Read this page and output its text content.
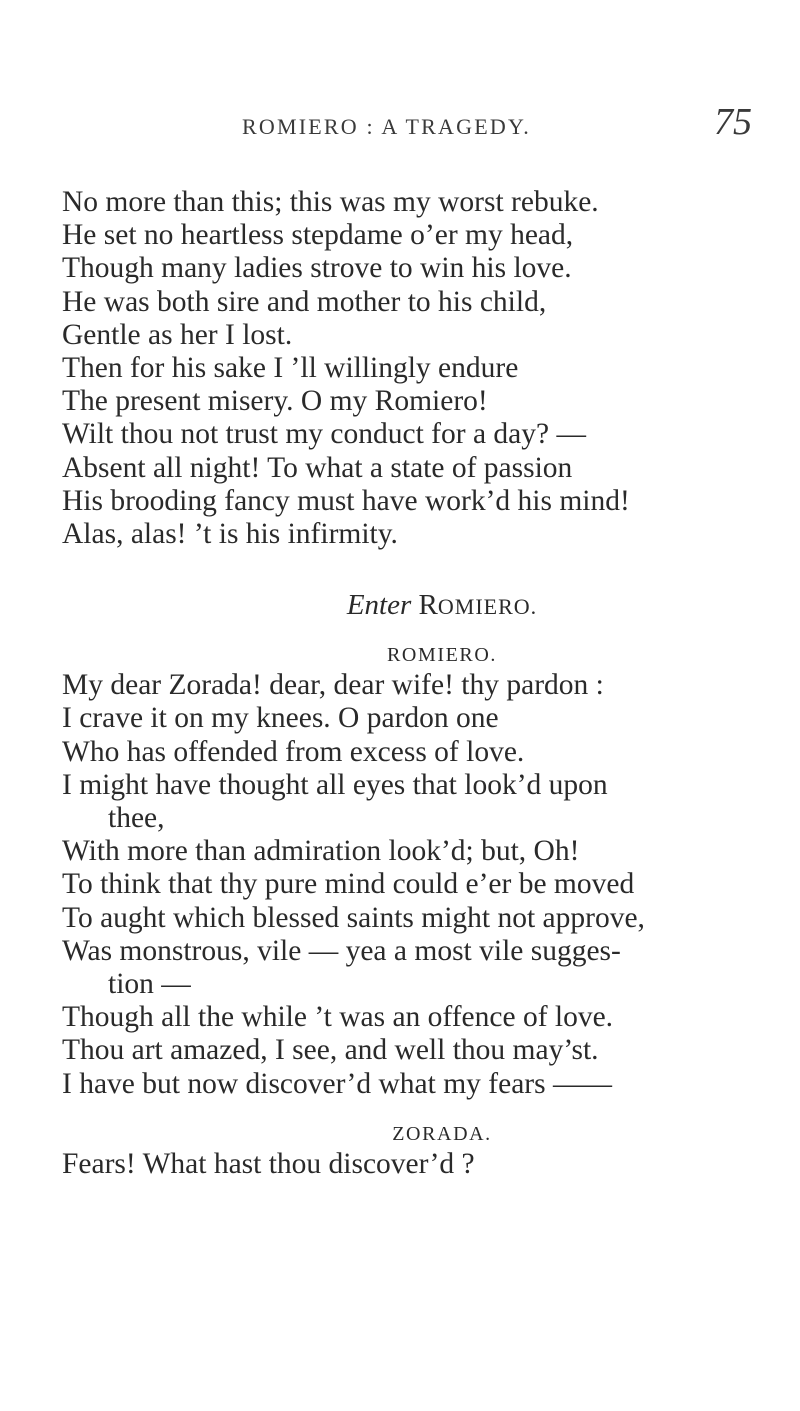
ROMIERO : A TRAGEDY.	75
No more than this; this was my worst rebuke.
He set no heartless stepdame o’er my head,
Though many ladies strove to win his love.
He was both sire and mother to his child,
Gentle as her I lost.
Then for his sake I ’ll willingly endure
The present misery. O my Romiero!
Wilt thou not trust my conduct for a day? —
Absent all night! To what a state of passion
His brooding fancy must have work’d his mind!
Alas, alas! ’t is his infirmity.
Enter ROMIERO.
ROMIERO.
My dear Zorada! dear, dear wife! thy pardon :
I crave it on my knees. O pardon one
Who has offended from excess of love.
I might have thought all eyes that look’d upon
thee,
With more than admiration look’d; but, Oh!
To think that thy pure mind could e’er be moved
To aught which blessed saints might not approve,
Was monstrous, vile — yea a most vile sugges-
tion —
Though all the while ’t was an offence of love.
Thou art amazed, I see, and well thou may’st.
I have but now discover’d what my fears ——
ZORADA.
Fears! What hast thou discover’d ?
